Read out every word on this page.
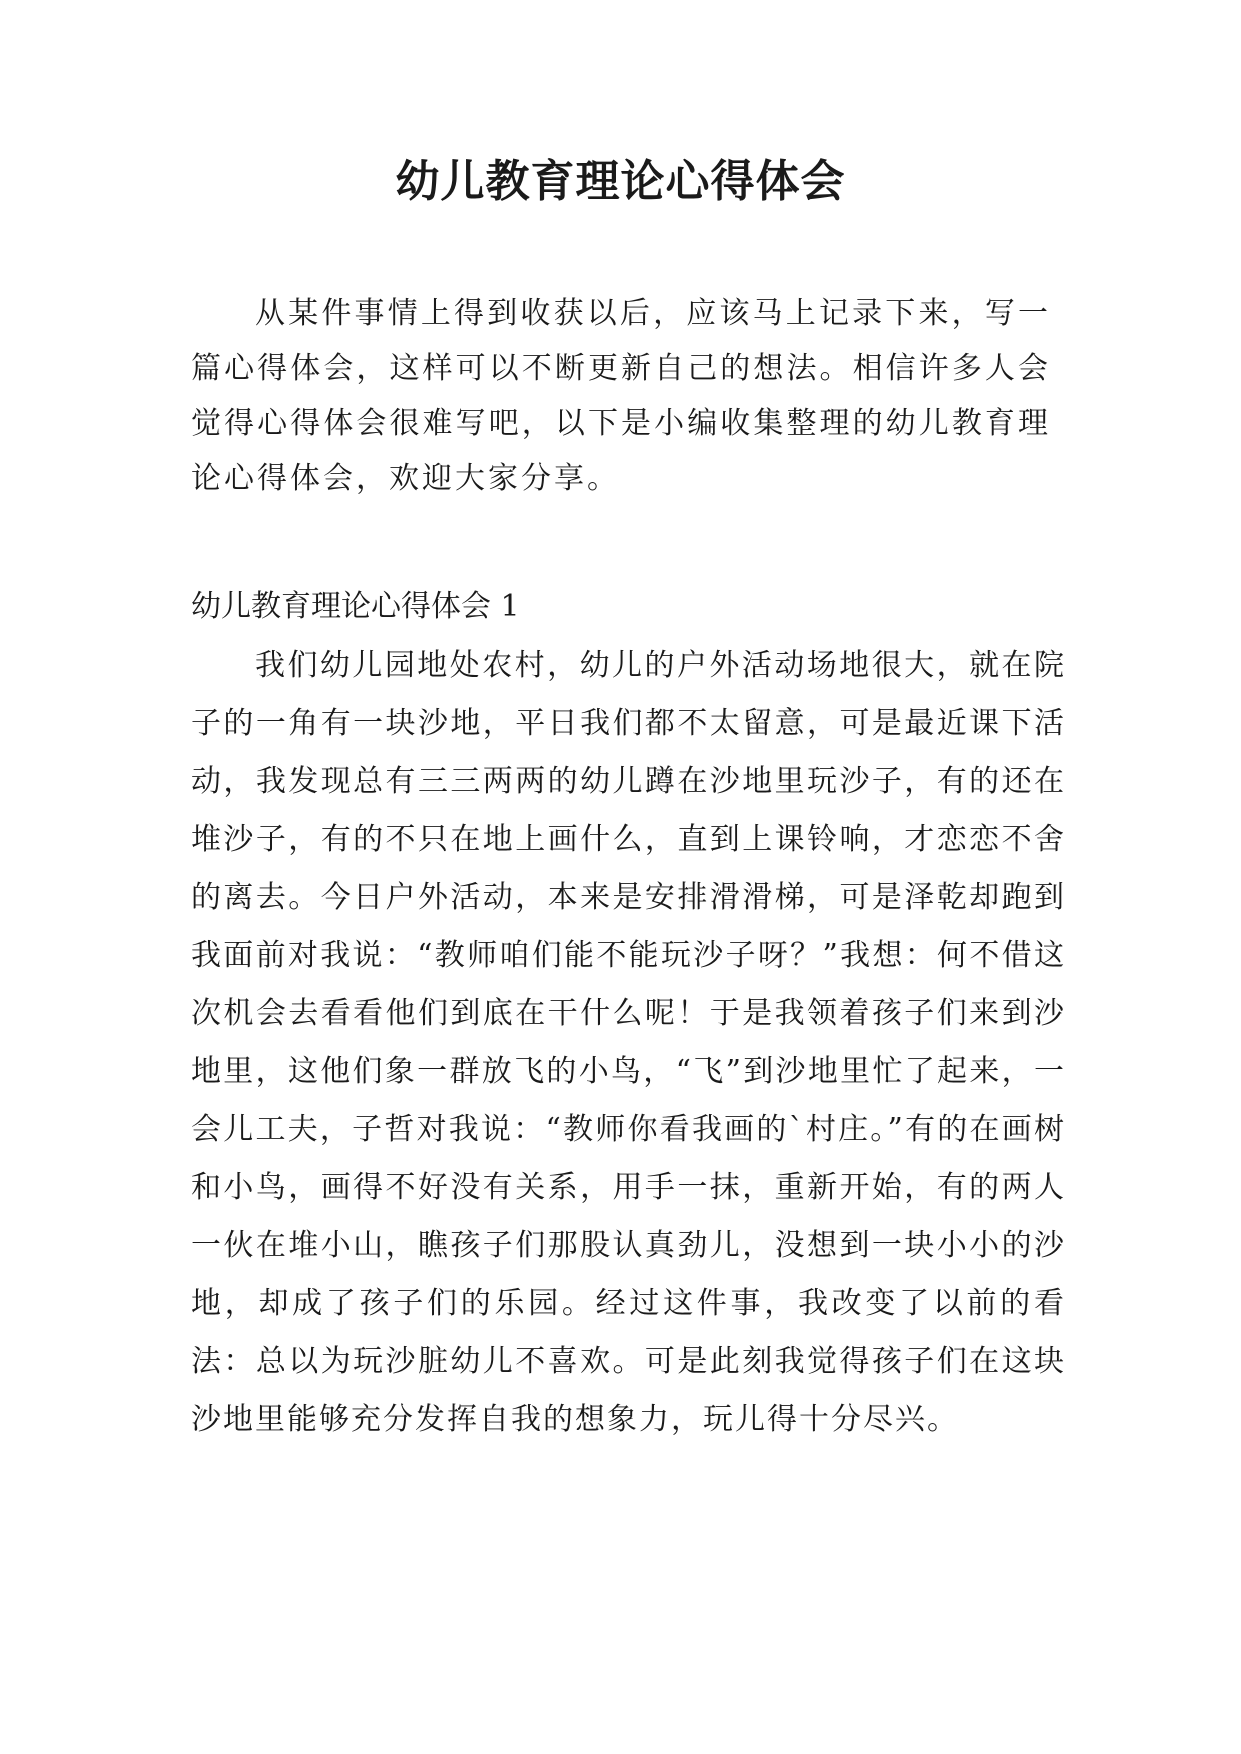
幼儿教育理论心得体会

从某件事情上得到收获以后，应该马上记录下来，写一篇心得体会，这样可以不断更新自己的想法。相信许多人会觉得心得体会很难写吧，以下是小编收集整理的幼儿教育理论心得体会，欢迎大家分享。

幼儿教育理论心得体会 1

我们幼儿园地处农村，幼儿的户外活动场地很大，就在院子的一角有一块沙地，平日我们都不太留意，可是最近课下活动，我发现总有三三两两的幼儿蹲在沙地里玩沙子，有的还在堆沙子，有的不只在地上画什么，直到上课铃响，才恋恋不舍的离去。今日户外活动，本来是安排滑滑梯，可是泽乾却跑到我面前对我说：“教师咱们能不能玩沙子呀？”我想：何不借这次机会去看看他们到底在干什么呢！于是我领着孩子们来到沙地里，这他们象一群放飞的小鸟，“飞”到沙地里忙了起来，一会儿工夫，子哲对我说：“教师你看我画的`村庄。”有的在画树和小鸟，画得不好没有关系，用手一抹，重新开始，有的两人一伙在堆小山，瞧孩子们那股认真劲儿，没想到一块小小的沙地，却成了孩子们的乐园。经过这件事，我改变了以前的看法：总以为玩沙脏幼儿不喜欢。可是此刻我觉得孩子们在这块沙地里能够充分发挥自我的想象力，玩儿得十分尽兴。
